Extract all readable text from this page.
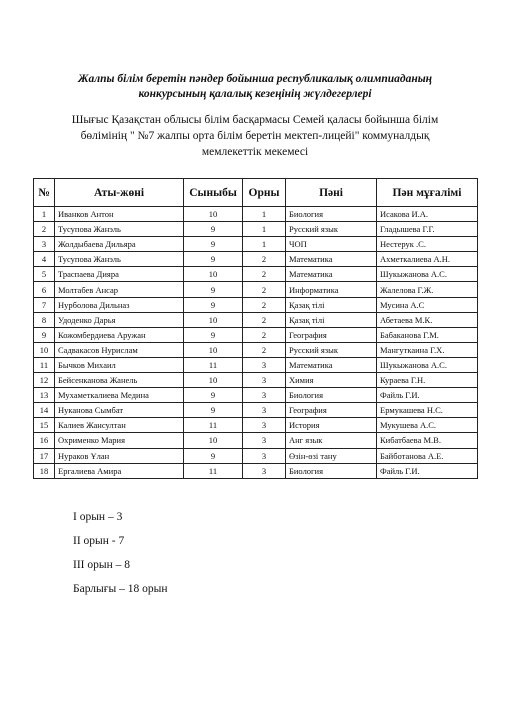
Жалпы білім беретін пәндер бойынша республикалық олимпиаданың
конкурсының қалалық кезеңінің жүлдегерлері
Шығыс Қазақстан облысы білім басқармасы Семей қаласы бойынша білім
бөлімінің " №7 жалпы орта білім беретін мектеп-лицейі" коммуналдық
мемлекеттік мекемесі
№	Аты-жөні	Сыныбы	Орны	Пәні	Пән мұғалімі
1	Иванков Антон	10	1	Биология	Исакова И.А.
2	Тусупова Жанэль	9	1	Русский язык	Гладышева Г.Г.
3	Жолдыбаева Дильяра	9	1	ЧОП	Нестерук .С.
4	Тусупова Жанэль	9	2	Математика	Ахметкалиева А.Н.
5	Траспаева Дияра	10	2	Математика	Шукыжанова А.С.
6	Молтабев Ансар	9	2	Информатика	Жалелова Г.Ж.
7	Нурболова Дильназ	9	2	Қазақ тілі	Мусина А.С
8	Удоденко Дарья	10	2	Қазақ тілі	Абетаева М.К.
9	Кожомбердиева Аружан	9	2	География	Бабаканова Г.М.
10	Садвакасов Нурислам	10	2	Русский язык	Мангуткаина Г.Х.
11	Бычков Михаил	11	3	Математика	Шукыжанова А.С.
12	Бейсенканова Жанель	10	3	Химия	Кураева Г.Н.
13	Мухаметкалиева Медина	9	3	Биология	Файль Г.И.
14	Нуканова Сымбат	9	3	География	Ермукашева Н.С.
15	Калиев Жансултан	11	3	История	Мукушева А.С.
16	Охрименко Мария	10	3	Анг язык	Кибатбаева М.В.
17	Нураков Ұлан	9	3	Өзін-өзі тану	Байботанова А.Е.
18	Ергалиева Амира	11	3	Биология	Файль Г.И.
I орын – 3
II орын - 7
III орын – 8
Барлығы – 18 орын
